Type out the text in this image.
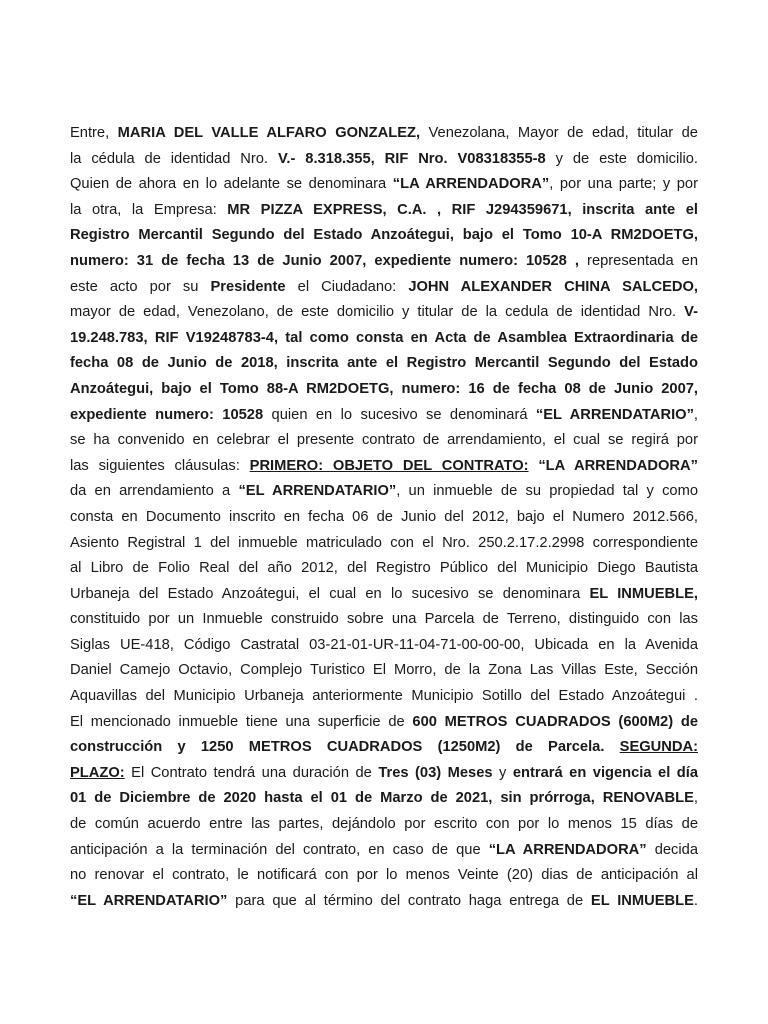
Entre, MARIA DEL VALLE ALFARO GONZALEZ, Venezolana, Mayor de edad, titular de
la cédula de identidad Nro. V.- 8.318.355, RIF Nro. V08318355-8 y de este domicilio.
Quien de ahora en lo adelante se denominara “LA ARRENDADORA”, por una parte; y por
la otra, la Empresa: MR PIZZA EXPRESS, C.A. , RIF J294359671, inscrita ante el
Registro Mercantil Segundo del Estado Anzoátegui, bajo el Tomo 10-A RM2DOETG,
numero: 31 de fecha 13 de Junio 2007, expediente numero: 10528 , representada en
este acto por su Presidente el Ciudadano: JOHN ALEXANDER CHINA SALCEDO,
mayor de edad, Venezolano, de este domicilio y titular de la cedula de identidad Nro. V-
19.248.783, RIF V19248783-4, tal como consta en Acta de Asamblea Extraordinaria de
fecha 08 de Junio de 2018, inscrita ante el Registro Mercantil Segundo del Estado
Anzoátegui, bajo el Tomo 88-A RM2DOETG, numero: 16 de fecha 08 de Junio 2007,
expediente numero: 10528 quien en lo sucesivo se denominará “EL ARRENDATARIO”,
se ha convenido en celebrar el presente contrato de arrendamiento, el cual se regirá por
las siguientes cláusulas: PRIMERO: OBJETO DEL CONTRATO: “LA ARRENDADORA”
da en arrendamiento a “EL ARRENDATARIO”, un inmueble de su propiedad tal y como
consta en Documento inscrito en fecha 06 de Junio del 2012, bajo el Numero 2012.566,
Asiento Registral 1 del inmueble matriculado con el Nro. 250.2.17.2.2998 correspondiente
al Libro de Folio Real del año 2012, del Registro Público del Municipio Diego Bautista
Urbaneja del Estado Anzoátegui, el cual en lo sucesivo se denominara EL INMUEBLE,
constituido por un Inmueble construido sobre una Parcela de Terreno, distinguido con las
Siglas UE-418, Código Castratal 03-21-01-UR-11-04-71-00-00-00, Ubicada en la Avenida
Daniel Camejo Octavio, Complejo Turistico El Morro, de la Zona Las Villas Este, Sección
Aquavillas del Municipio Urbaneja anteriormente Municipio Sotillo del Estado Anzoátegui .
El mencionado inmueble tiene una superficie de 600 METROS CUADRADOS (600M2) de
construcción y 1250 METROS CUADRADOS (1250M2) de Parcela. SEGUNDA:
PLAZO: El Contrato tendrá una duración de Tres (03) Meses y entrará en vigencia el día
01 de Diciembre de 2020 hasta el 01 de Marzo de 2021, sin prórroga, RENOVABLE,
de común acuerdo entre las partes, dejándolo por escrito con por lo menos 15 días de
anticipación a la terminación del contrato, en caso de que “LA ARRENDADORA” decida
no renovar el contrato, le notificará con por lo menos Veinte (20) dias de anticipación al
“EL ARRENDATARIO” para que al término del contrato haga entrega de EL INMUEBLE.
